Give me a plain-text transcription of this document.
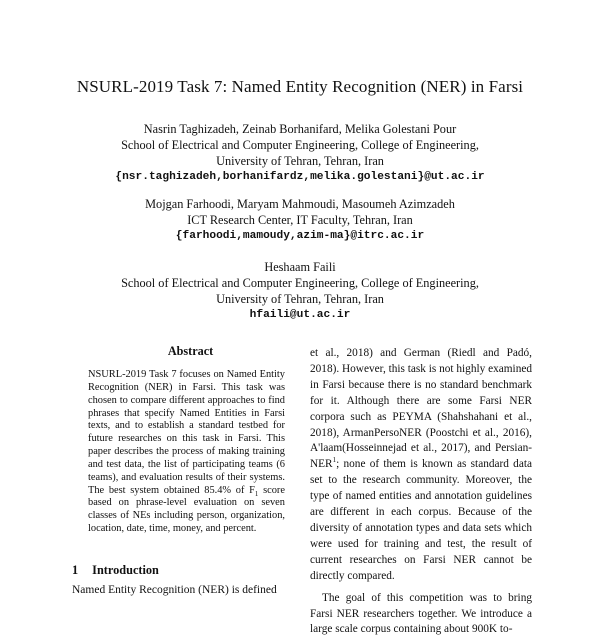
NSURL-2019 Task 7: Named Entity Recognition (NER) in Farsi
Nasrin Taghizadeh, Zeinab Borhanifard, Melika Golestani Pour
School of Electrical and Computer Engineering, College of Engineering,
University of Tehran, Tehran, Iran
{nsr.taghizadeh,borhanifardz,melika.golestani}@ut.ac.ir
Mojgan Farhoodi, Maryam Mahmoudi, Masoumeh Azimzadeh
ICT Research Center, IT Faculty, Tehran, Iran
{farhoodi,mamoudy,azim-ma}@itrc.ac.ir
Heshaam Faili
School of Electrical and Computer Engineering, College of Engineering,
University of Tehran, Tehran, Iran
hfaili@ut.ac.ir
Abstract
NSURL-2019 Task 7 focuses on Named Entity Recognition (NER) in Farsi. This task was chosen to compare different approaches to find phrases that specify Named Entities in Farsi texts, and to establish a standard testbed for future researches on this task in Farsi. This paper describes the process of making training and test data, the list of participating teams (6 teams), and evaluation results of their systems. The best system obtained 85.4% of $F_1$ score based on phrase-level evaluation on seven classes of NEs including person, organization, location, date, time, money, and percent.
1 Introduction
Named Entity Recognition (NER) is defined

et al., 2018) and German (Riedl and Padó, 2018). However, this task is not highly examined in Farsi because there is no standard benchmark for it. Although there are some Farsi NER corpora such as PEYMA (Shahshahani et al., 2018), ArmanPersoNER (Poostchi et al., 2016), A'laam(Hosseinnejad et al., 2017), and Persian-NER$^1$; none of them is known as standard data set to the research community. Moreover, the type of named entities and annotation guidelines are different in each corpus. Because of the diversity of annotation types and data sets which were used for training and test, the result of current researches on Farsi NER cannot be directly compared.

The goal of this competition was to bring Farsi NER researchers together. We introduce a large scale corpus containing about 900K to-
